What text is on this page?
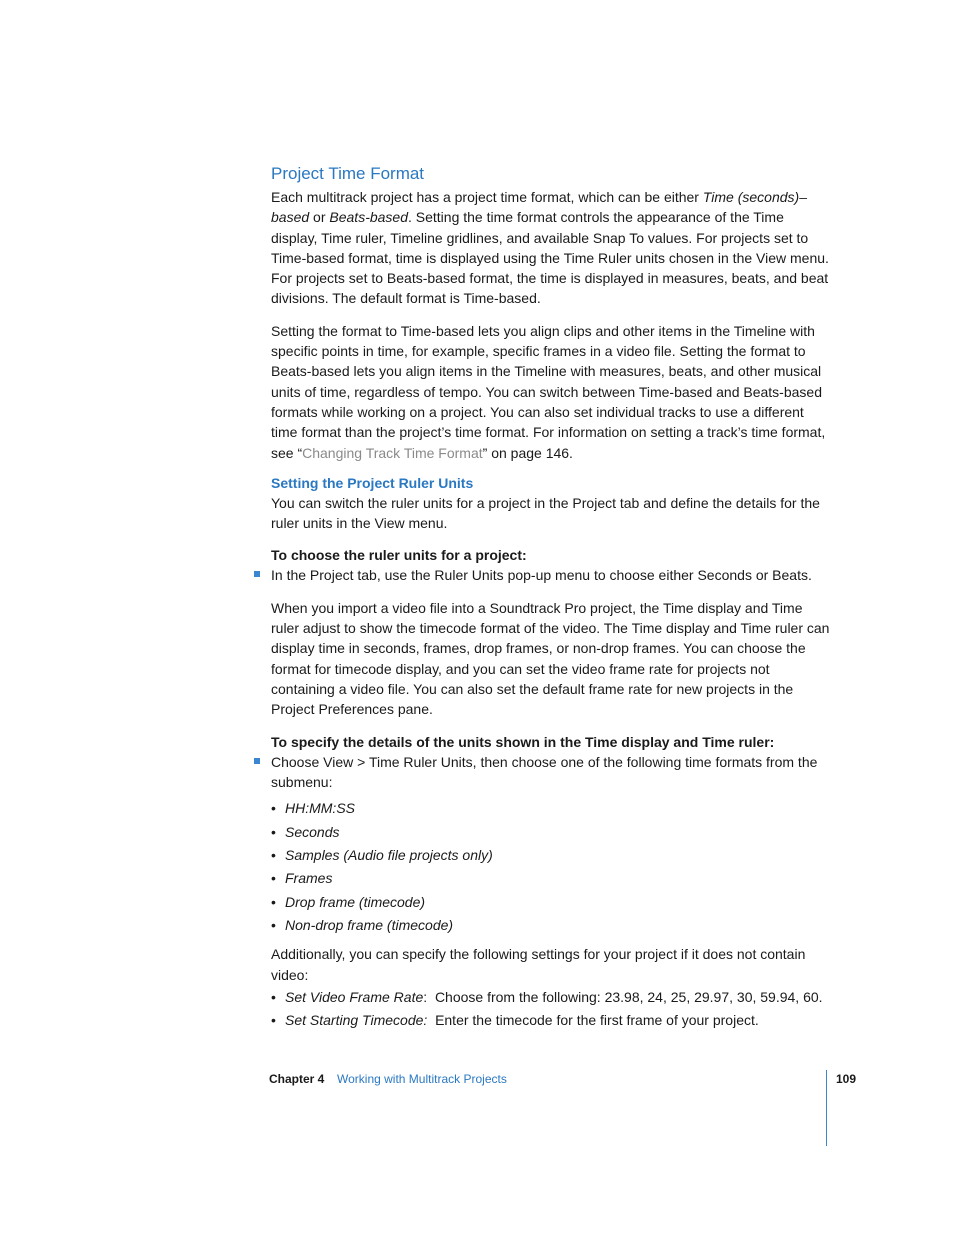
Project Time Format

Each multitrack project has a project time format, which can be either Time (seconds)–based or Beats-based. Setting the time format controls the appearance of the Time display, Time ruler, Timeline gridlines, and available Snap To values. For projects set to Time-based format, time is displayed using the Time Ruler units chosen in the View menu. For projects set to Beats-based format, the time is displayed in measures, beats, and beat divisions. The default format is Time-based.

Setting the format to Time-based lets you align clips and other items in the Timeline with specific points in time, for example, specific frames in a video file. Setting the format to Beats-based lets you align items in the Timeline with measures, beats, and other musical units of time, regardless of tempo. You can switch between Time-based and Beats-based formats while working on a project. You can also set individual tracks to use a different time format than the project’s time format. For information on setting a track’s time format, see “Changing Track Time Format” on page 146.

Setting the Project Ruler Units

You can switch the ruler units for a project in the Project tab and define the details for the ruler units in the View menu.

To choose the ruler units for a project:

In the Project tab, use the Ruler Units pop-up menu to choose either Seconds or Beats.

When you import a video file into a Soundtrack Pro project, the Time display and Time ruler adjust to show the timecode format of the video. The Time display and Time ruler can display time in seconds, frames, drop frames, or non-drop frames. You can choose the format for timecode display, and you can set the video frame rate for projects not containing a video file. You can also set the default frame rate for new projects in the Project Preferences pane.

To specify the details of the units shown in the Time display and Time ruler:

Choose View > Time Ruler Units, then choose one of the following time formats from the submenu:
• HH:MM:SS
• Seconds
• Samples (Audio file projects only)
• Frames
• Drop frame (timecode)
• Non-drop frame (timecode)

Additionally, you can specify the following settings for your project if it does not contain video:

• Set Video Frame Rate:  Choose from the following: 23.98, 24, 25, 29.97, 30, 59.94, 60.
• Set Starting Timecode: Enter the timecode for the first frame of your project.
Chapter 4 Working with Multitrack Projects	109
